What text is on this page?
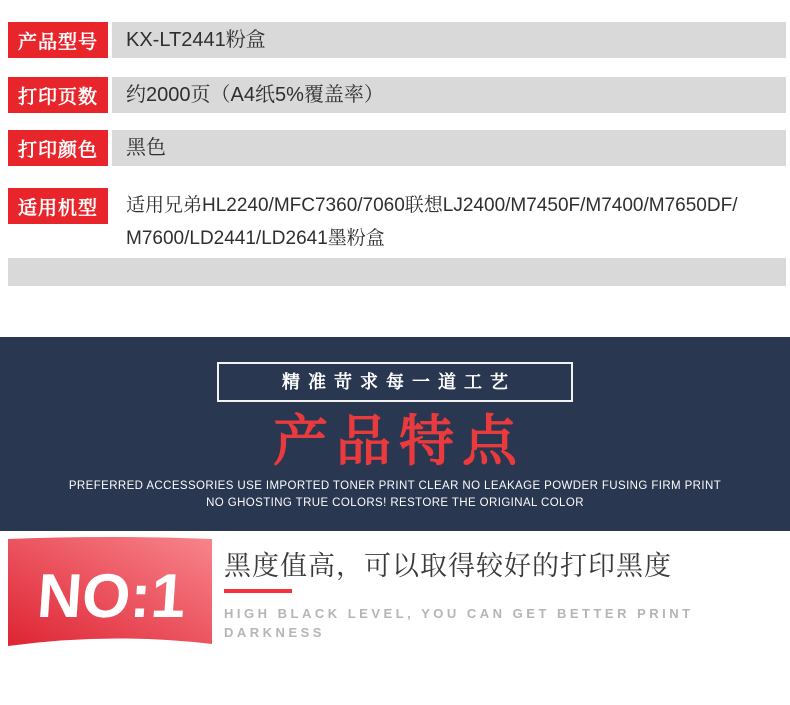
产品型号	KX-LT2441粉盒
打印页数	约2000页（A4纸5%覆盖率）
打印颜色	黑色
适用机型	适用兄弟HL2240/MFC7360/7060联想LJ2400/M7450F/M7400/M7650DF/
M7600/LD2441/LD2641墨粉盒
精准苛求每一道工艺
产品特点
PREFERRED ACCESSORIES USE IMPORTED TONER PRINT CLEAR NO LEAKAGE POWDER FUSING FIRM PRINT
NO GHOSTING TRUE COLORS! RESTORE THE ORIGINAL COLOR
NO:1 黑度值高，可以取得较好的打印黑度
HIGH BLACK LEVEL, YOU CAN GET BETTER PRINT
DARKNESS
